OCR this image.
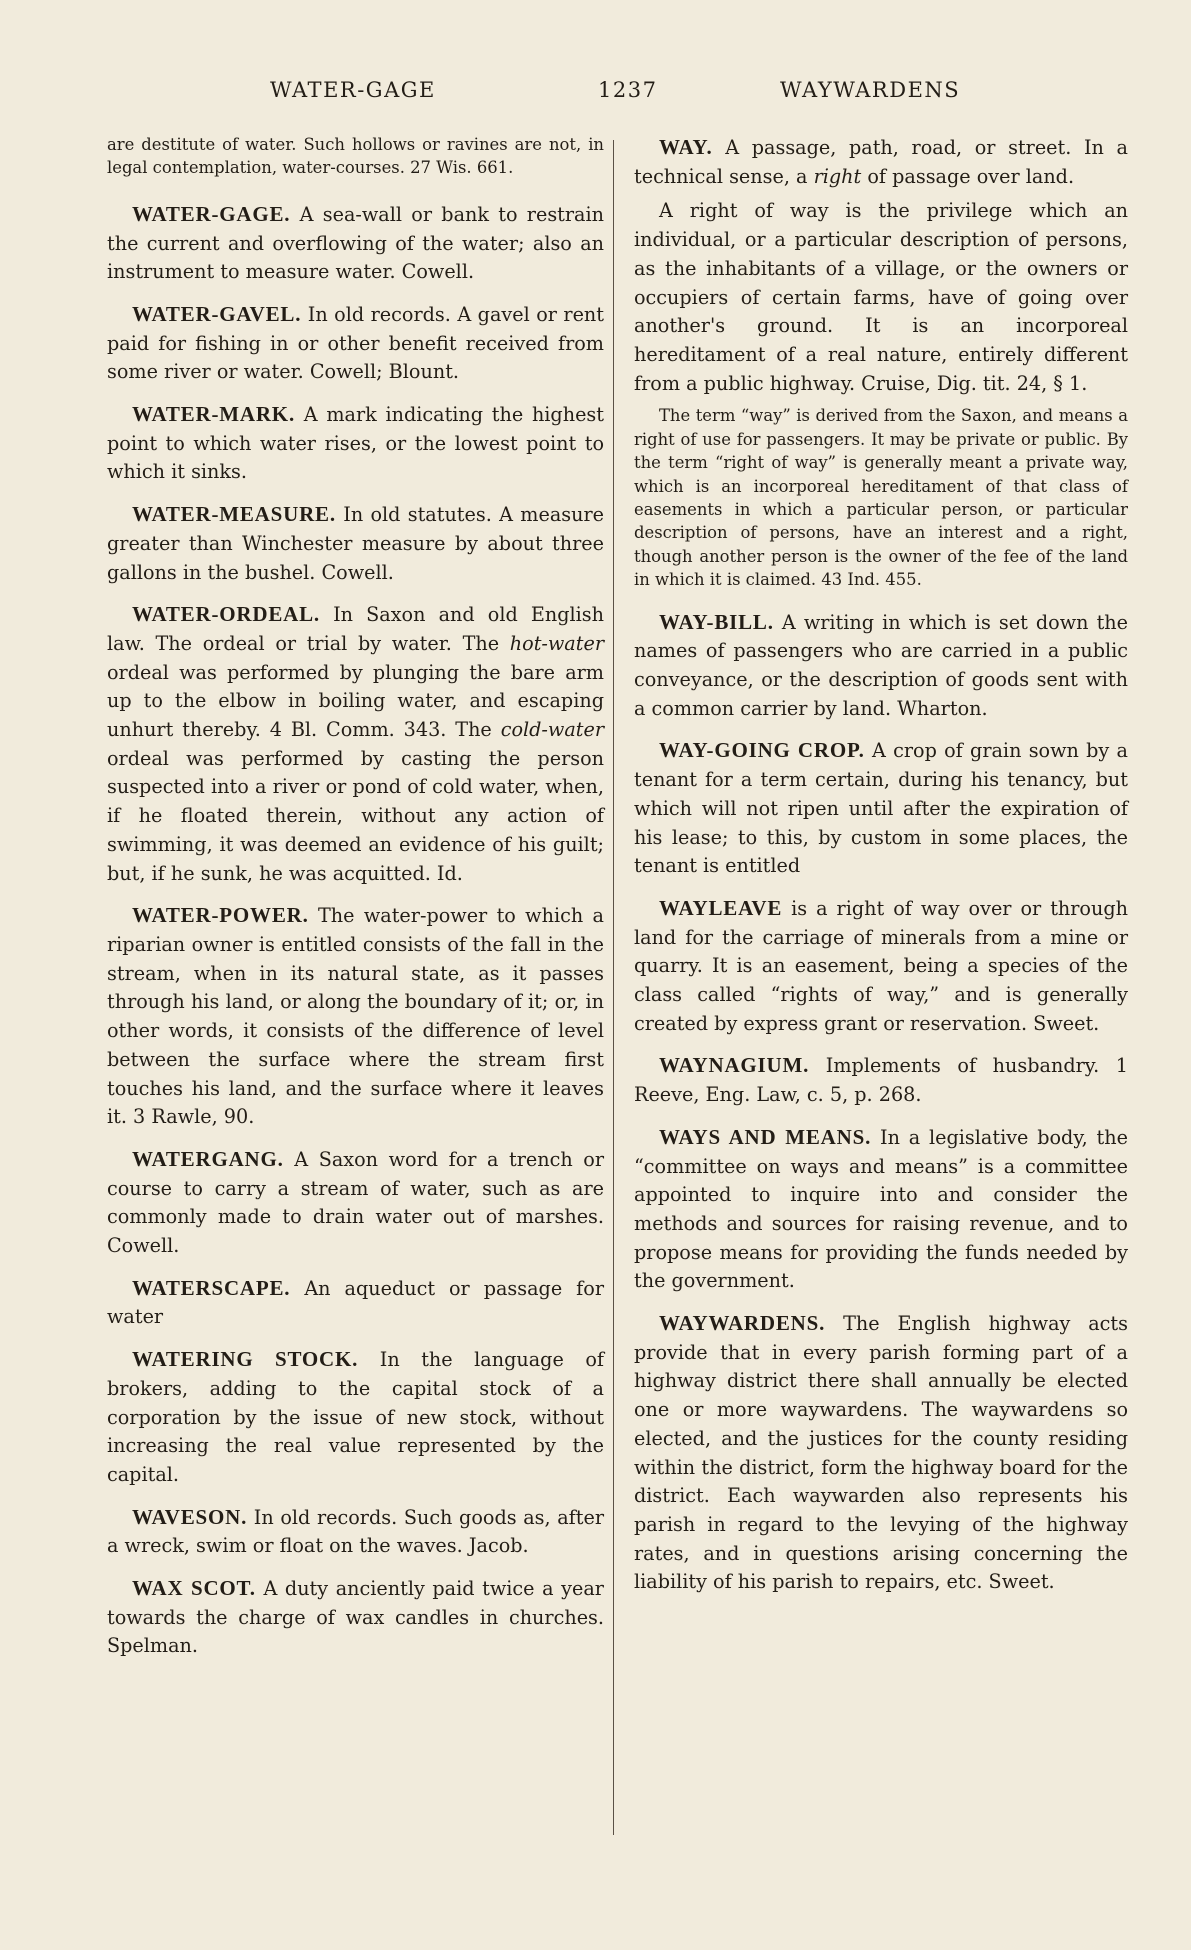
WATER-GAGE	1237	WAYWARDENS

are destitute of water. Such hollows or ravines are not, in legal contemplation, water-courses. 27 Wis. 661.

WATER-GAGE. A sea-wall or bank to restrain the current and overflowing of the water; also an instrument to measure water. Cowell.

WATER-GAVEL. In old records. A gavel or rent paid for fishing in or other benefit received from some river or water. Cowell; Blount.

WATER-MARK. A mark indicating the highest point to which water rises, or the lowest point to which it sinks.

WATER-MEASURE. In old statutes. A measure greater than Winchester measure by about three gallons in the bushel. Cowell.

WATER-ORDEAL. In Saxon and old English law. The ordeal or trial by water. The hot-water ordeal was performed by plunging the bare arm up to the elbow in boiling water, and escaping unhurt thereby. 4 Bl. Comm. 343. The cold-water ordeal was performed by casting the person suspected into a river or pond of cold water, when, if he floated therein, without any action of swimming, it was deemed an evidence of his guilt; but, if he sunk, he was acquitted. Id.

WATER-POWER. The water-power to which a riparian owner is entitled consists of the fall in the stream, when in its natural state, as it passes through his land, or along the boundary of it; or, in other words, it consists of the difference of level between the surface where the stream first touches his land, and the surface where it leaves it. 3 Rawle, 90.

WATERGANG. A Saxon word for a trench or course to carry a stream of water, such as are commonly made to drain water out of marshes. Cowell.

WATERSCAPE. An aqueduct or passage for water

WATERING STOCK. In the language of brokers, adding to the capital stock of a corporation by the issue of new stock, without increasing the real value represented by the capital.

WAVESON. In old records. Such goods as, after a wreck, swim or float on the waves. Jacob.

WAX SCOT. A duty anciently paid twice a year towards the charge of wax candles in churches. Spelman.

WAY. A passage, path, road, or street. In a technical sense, a right of passage over land.

A right of way is the privilege which an individual, or a particular description of persons, as the inhabitants of a village, or the owners or occupiers of certain farms, have of going over another's ground. It is an incorporeal hereditament of a real nature, entirely different from a public highway. Cruise, Dig. tit. 24, § 1.

The term “way” is derived from the Saxon, and means a right of use for passengers. It may be private or public. By the term “right of way” is generally meant a private way, which is an incorporeal hereditament of that class of easements in which a particular person, or particular description of persons, have an interest and a right, though another person is the owner of the fee of the land in which it is claimed. 43 Ind. 455.

WAY-BILL. A writing in which is set down the names of passengers who are carried in a public conveyance, or the description of goods sent with a common carrier by land. Wharton.

WAY-GOING CROP. A crop of grain sown by a tenant for a term certain, during his tenancy, but which will not ripen until after the expiration of his lease; to this, by custom in some places, the tenant is entitled

WAYLEAVE is a right of way over or through land for the carriage of minerals from a mine or quarry. It is an easement, being a species of the class called “rights of way,” and is generally created by express grant or reservation. Sweet.

WAYNAGIUM. Implements of husbandry. 1 Reeve, Eng. Law, c. 5, p. 268.

WAYS AND MEANS. In a legislative body, the “committee on ways and means” is a committee appointed to inquire into and consider the methods and sources for raising revenue, and to propose means for providing the funds needed by the government.

WAYWARDENS. The English highway acts provide that in every parish forming part of a highway district there shall annually be elected one or more waywardens. The waywardens so elected, and the justices for the county residing within the district, form the highway board for the district. Each waywarden also represents his parish in regard to the levying of the highway rates, and in questions arising concerning the liability of his parish to repairs, etc. Sweet.
